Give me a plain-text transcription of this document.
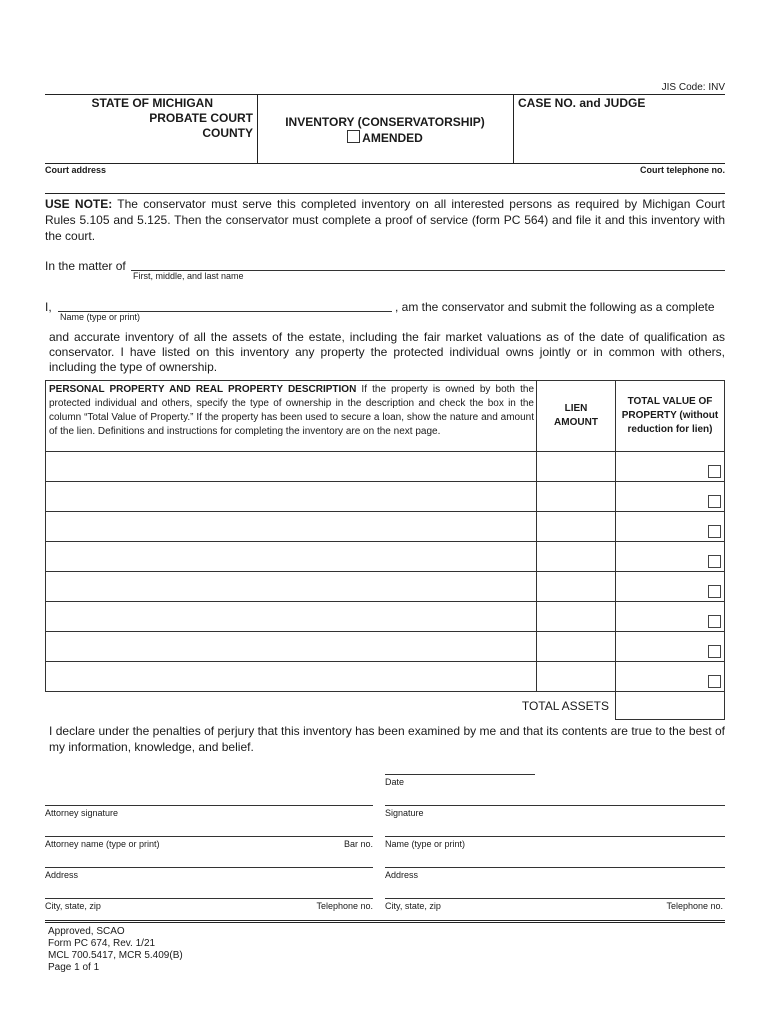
JIS Code: INV
STATE OF MICHIGAN
PROBATE COURT
COUNTY
INVENTORY (CONSERVATORSHIP)
AMENDED
CASE NO. and JUDGE
Court address	Court telephone no.
USE NOTE: The conservator must serve this completed inventory on all interested persons as required by Michigan Court Rules 5.105 and 5.125. Then the conservator must complete a proof of service (form PC 564) and file it and this inventory with the court.
In the matter of
First, middle, and last name
I,	, am the conservator and submit the following as a complete
Name (type or print)
and accurate inventory of all the assets of the estate, including the fair market valuations as of the date of qualification as conservator. I have listed on this inventory any property the protected individual owns jointly or in common with others, including the type of ownership.
PERSONAL PROPERTY AND REAL PROPERTY DESCRIPTION If the property is owned by both the protected individual and others, specify the type of ownership in the description and check the box in the column “Total Value of Property.” If the property has been used to secure a loan, show the nature and amount of the lien. Definitions and instructions for completing the inventory are on the next page.	LIEN AMOUNT	TOTAL VALUE OF PROPERTY (without reduction for lien)

TOTAL ASSETS		
I declare under the penalties of perjury that this inventory has been examined by me and that its contents are true to the best of my information, knowledge, and belief.
Date
Attorney signature	Signature
Attorney name (type or print)	Bar no. Name (type or print)
Address	Address
City, state, zip	Telephone no. City, state, zip	Telephone no.
Approved, SCAO
Form PC 674, Rev. 1/21
MCL 700.5417, MCR 5.409(B)
Page 1 of 1
